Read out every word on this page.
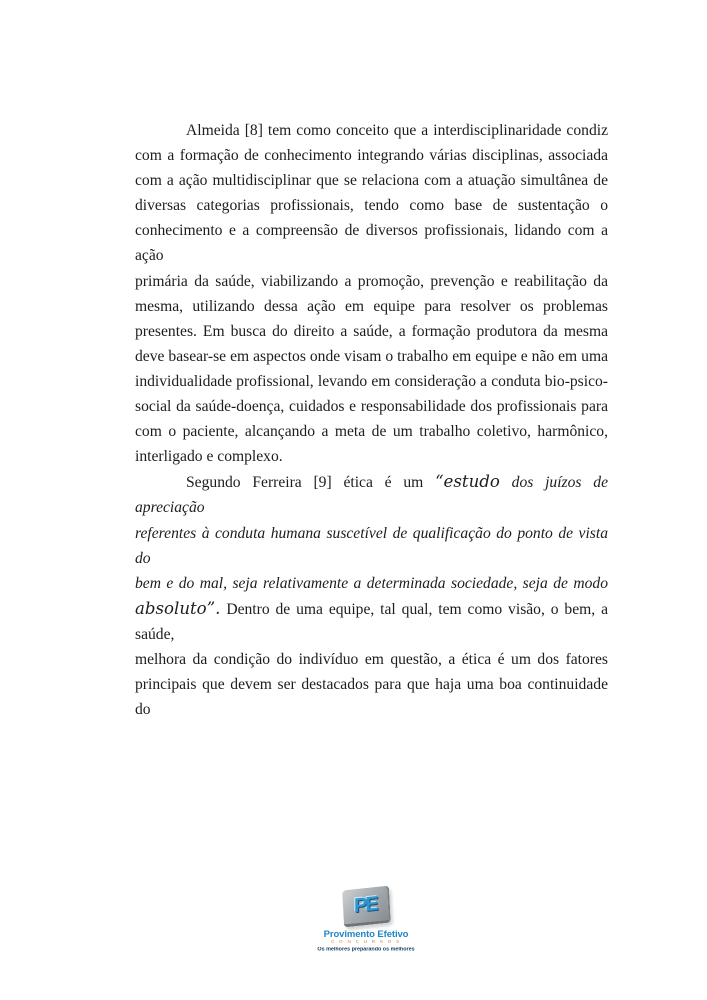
Almeida [8] tem como conceito que a interdisciplinaridade condiz
com a formação de conhecimento integrando várias disciplinas, associada
com a ação multidisciplinar que se relaciona com a atuação simultânea de
diversas categorias profissionais, tendo como base de sustentação o
conhecimento e a compreensão de diversos profissionais, lidando com a ação
primária da saúde, viabilizando a promoção, prevenção e reabilitação da
mesma, utilizando dessa ação em equipe para resolver os problemas
presentes. Em busca do direito a saúde, a formação produtora da mesma
deve basear-se em aspectos onde visam o trabalho em equipe e não em uma
individualidade profissional, levando em consideração a conduta bio-psico-
social da saúde-doença, cuidados e responsabilidade dos profissionais para
com o paciente, alcançando a meta de um trabalho coletivo, harmônico,
interligado e complexo.
Segundo Ferreira [9] ética é um “estudo dos juízos de apreciação
referentes à conduta humana suscetível de qualificação do ponto de vista do
bem e do mal, seja relativamente a determinada sociedade, seja de modo
absoluto”. Dentro de uma equipe, tal qual, tem como visão, o bem, a saúde,
melhora da condição do indivíduo em questão, a ética é um dos fatores
principais que devem ser destacados para que haja uma boa continuidade do
PE
Provimento Efetivo
C O N C U R S O S
Os melhores preparando os melhores
